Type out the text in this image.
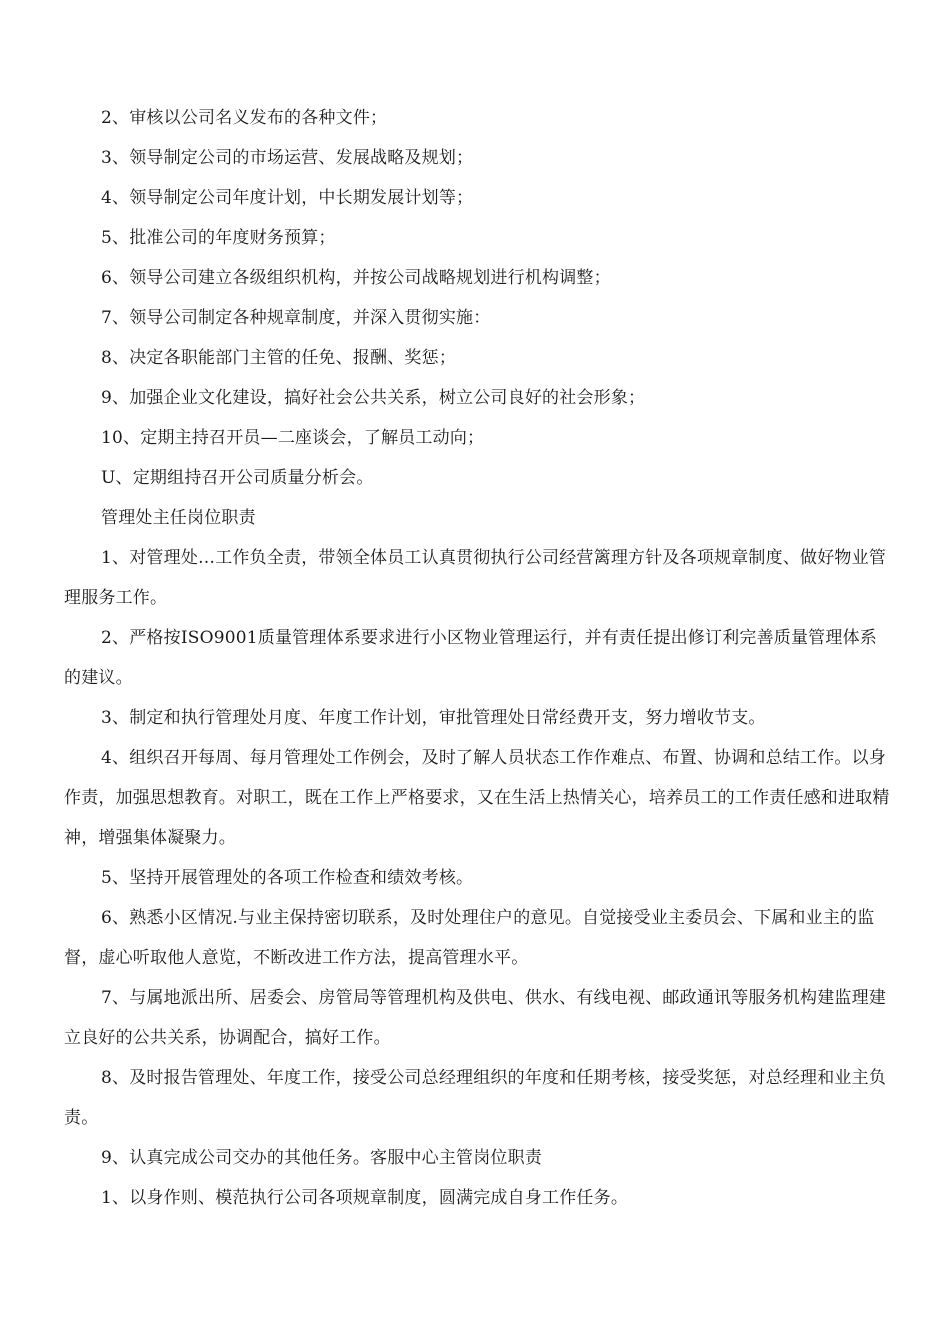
2、审核以公司名义发布的各种文件；

3、领导制定公司的市场运营、发展战略及规划；

4、领导制定公司年度计划，中长期发展计划等；

5、批准公司的年度财务预算；

6、领导公司建立各级组织机构，并按公司战略规划进行机构调整；

7、领导公司制定各种规章制度，并深入贯彻实施：

8、决定各职能部门主管的任免、报酬、奖惩；

9、加强企业文化建设，搞好社会公共关系，树立公司良好的社会形象；

10、定期主持召开员—二座谈会，了解员工动向；

U、定期组持召开公司质量分析会。

管理处主任岗位职责

1、对管理处…工作负全责，带领全体员工认真贯彻执行公司经营篱理方针及各项规章制度、做好物业管理服务工作。

2、严格按ISO9001质量管理体系要求进行小区物业管理运行，并有责任提出修订利完善质量管理体系的建议。

3、制定和执行管理处月度、年度工作计划，审批管理处日常经费开支，努力增收节支。

4、组织召开每周、每月管理处工作例会，及时了解人员状态工作作难点、布置、协调和总结工作。以身作责，加强思想教育。对职工，既在工作上严格要求，又在生活上热情关心，培养员工的工作责任感和进取精神，增强集体凝聚力。

5、坚持开展管理处的各项工作检查和绩效考核。

6、熟悉小区情况.与业主保持密切联系，及时处理住户的意见。自觉接受业主委员会、下属和业主的监督，虚心听取他人意览，不断改进工作方法，提高管理水平。

7、与属地派出所、居委会、房管局等管理机构及供电、供水、有线电视、邮政通讯等服务机构建监理建立良好的公共关系，协调配合，搞好工作。

8、及时报告管理处、年度工作，接受公司总经理组织的年度和任期考核，接受奖惩，对总经理和业主负责。

9、认真完成公司交办的其他任务。客服中心主管岗位职责

1、以身作则、模范执行公司各项规章制度，圆满完成自身工作任务。
